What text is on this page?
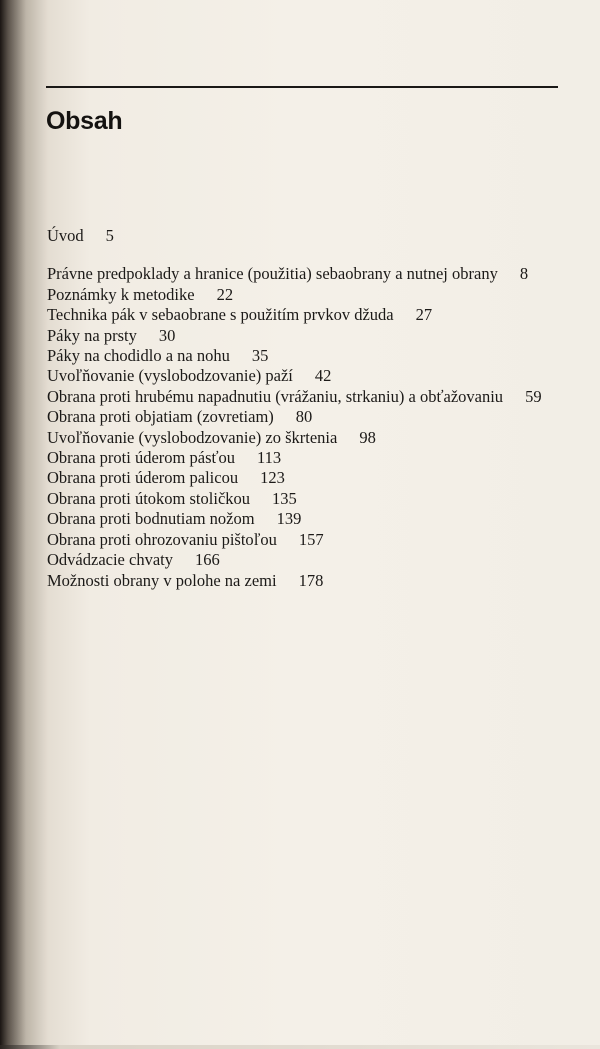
Obsah
Úvod 5
Právne predpoklady a hranice (použitia) sebaobrany a nutnej obrany 8
Poznámky k metodike 22
Technika pák v sebaobrane s použitím prvkov džuda 27
Páky na prsty 30
Páky na chodidlo a na nohu 35
Uvoľňovanie (vyslobodzovanie) paží 42
Obrana proti hrubému napadnutiu (vrážaniu, strkaniu) a obťažovaniu 59
Obrana proti objatiam (zovretiam) 80
Uvoľňovanie (vyslobodzovanie) zo škrtenia 98
Obrana proti úderom pásťou 113
Obrana proti úderom palicou 123
Obrana proti útokom stoličkou 135
Obrana proti bodnutiam nožom 139
Obrana proti ohrozovaniu pištoľou 157
Odvádzacie chvaty 166
Možnosti obrany v polohe na zemi 178
